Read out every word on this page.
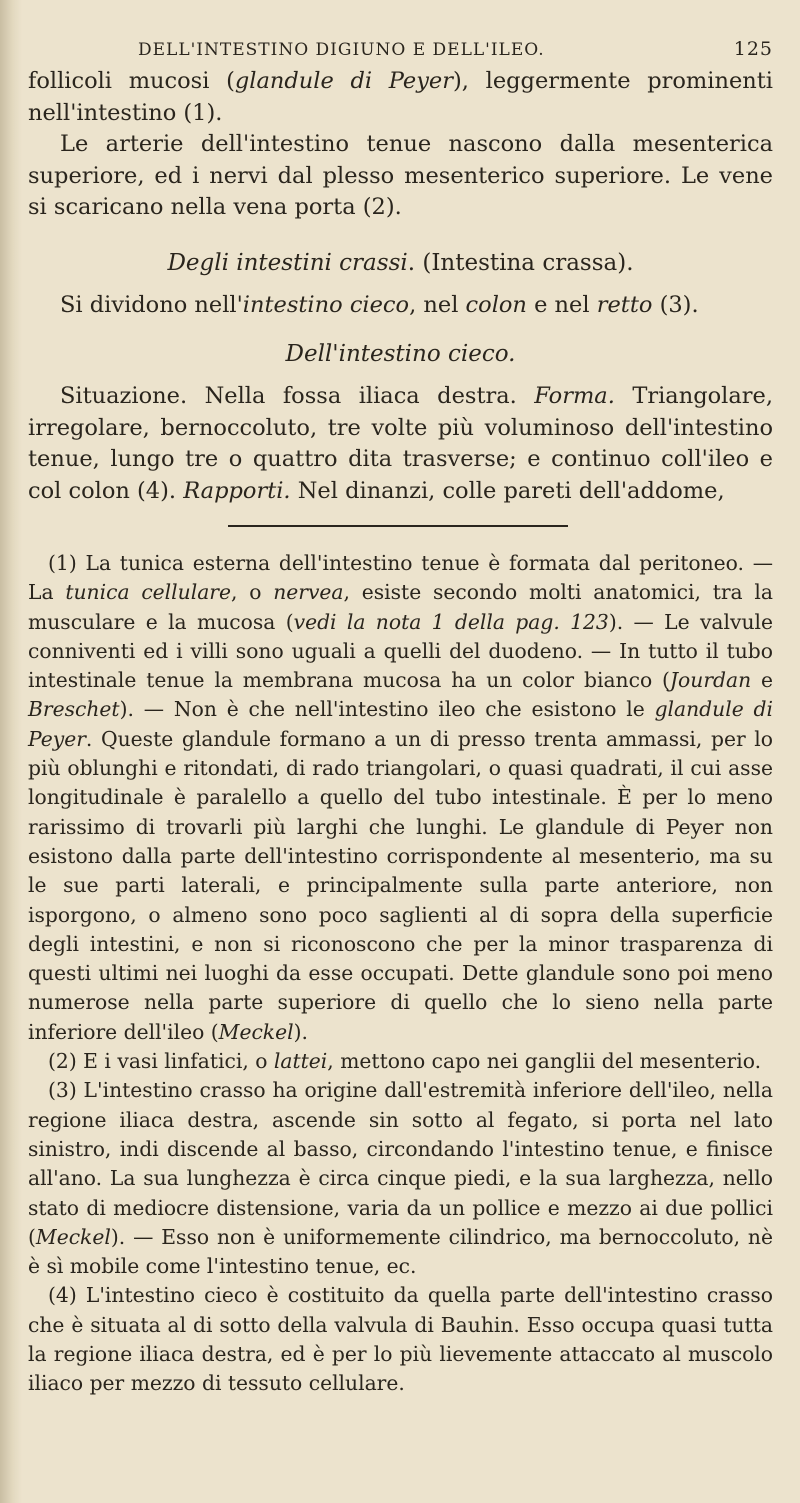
DELL'INTESTINO DIGIUNO E DELL'ILEO.	125

follicoli mucosi (glandule di Peyer), leggermente prominenti nell'intestino (1).

Le arterie dell'intestino tenue nascono dalla mesenterica superiore, ed i nervi dal plesso mesenterico superiore. Le vene si scaricano nella vena porta (2).

Degli intestini crassi. (Intestina crassa).

Si dividono nell'intestino cieco, nel colon e nel retto (3).

Dell'intestino cieco.

Situazione. Nella fossa iliaca destra. Forma. Triangolare, irregolare, bernoccoluto, tre volte più voluminoso dell'intestino tenue, lungo tre o quattro dita trasverse; e continuo coll'ileo e col colon (4). Rapporti. Nel dinanzi, colle pareti dell'addome,

(1) La tunica esterna dell'intestino tenue è formata dal peritoneo. — La tunica cellulare, o nervea, esiste secondo molti anatomici, tra la musculare e la mucosa (vedi la nota 1 della pag. 123). — Le valvule conniventi ed i villi sono uguali a quelli del duodeno. — In tutto il tubo intestinale tenue la membrana mucosa ha un color bianco (Jourdan e Breschet). — Non è che nell'intestino ileo che esistono le glandule di Peyer. Queste glandule formano a un di presso trenta ammassi, per lo più oblunghi e ritondati, di rado triangolari, o quasi quadrati, il cui asse longitudinale è paralello a quello del tubo intestinale. È per lo meno rarissimo di trovarli più larghi che lunghi. Le glandule di Peyer non esistono dalla parte dell'intestino corrispondente al mesenterio, ma su le sue parti laterali, e principalmente sulla parte anteriore, non isporgono, o almeno sono poco saglienti al di sopra della superficie degli intestini, e non si riconoscono che per la minor trasparenza di questi ultimi nei luoghi da esse occupati. Dette glandule sono poi meno numerose nella parte superiore di quello che lo sieno nella parte inferiore dell'ileo (Meckel).

(2) E i vasi linfatici, o lattei, mettono capo nei ganglii del mesenterio.

(3) L'intestino crasso ha origine dall'estremità inferiore dell'ileo, nella regione iliaca destra, ascende sin sotto al fegato, si porta nel lato sinistro, indi discende al basso, circondando l'intestino tenue, e finisce all'ano. La sua lunghezza è circa cinque piedi, e la sua larghezza, nello stato di mediocre distensione, varia da un pollice e mezzo ai due pollici (Meckel). — Esso non è uniformemente cilindrico, ma bernoccoluto, nè è sì mobile come l'intestino tenue, ec.

(4) L'intestino cieco è costituito da quella parte dell'intestino crasso che è situata al di sotto della valvula di Bauhin. Esso occupa quasi tutta la regione iliaca destra, ed è per lo più lievemente attaccato al muscolo iliaco per mezzo di tessuto cellulare.
